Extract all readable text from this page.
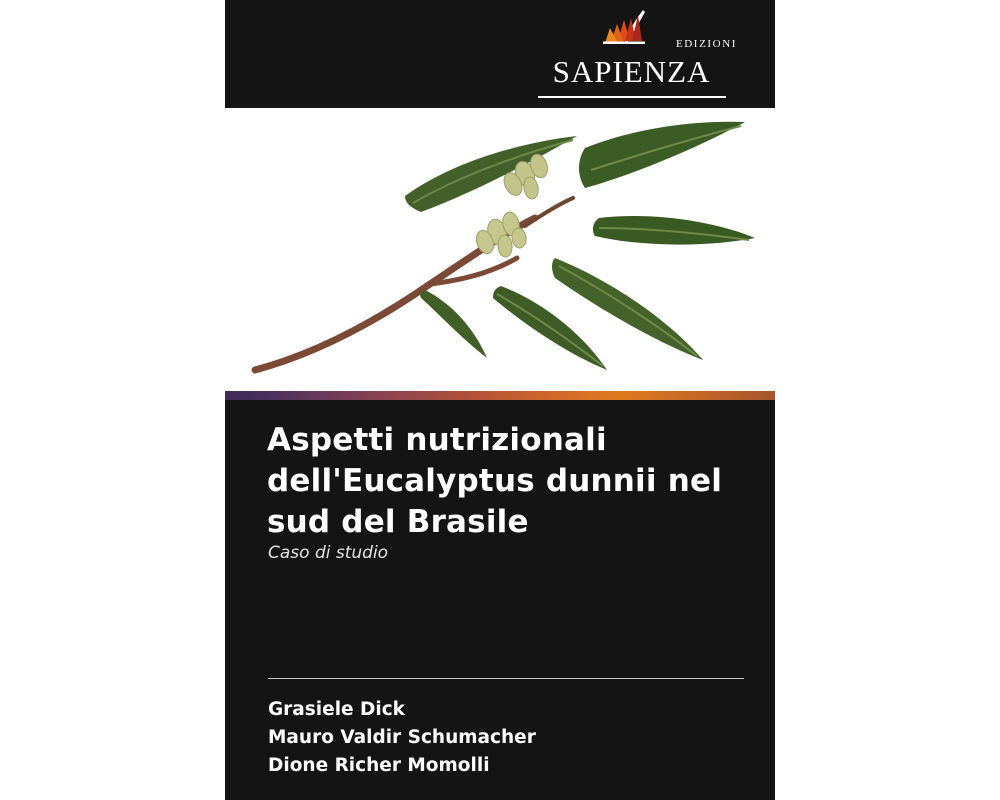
EDIZIONI
SAPIENZA
Aspetti nutrizionali dell'Eucalyptus dunnii nel sud del Brasile
Caso di studio
Grasiele Dick
Mauro Valdir Schumacher
Dione Richer Momolli
